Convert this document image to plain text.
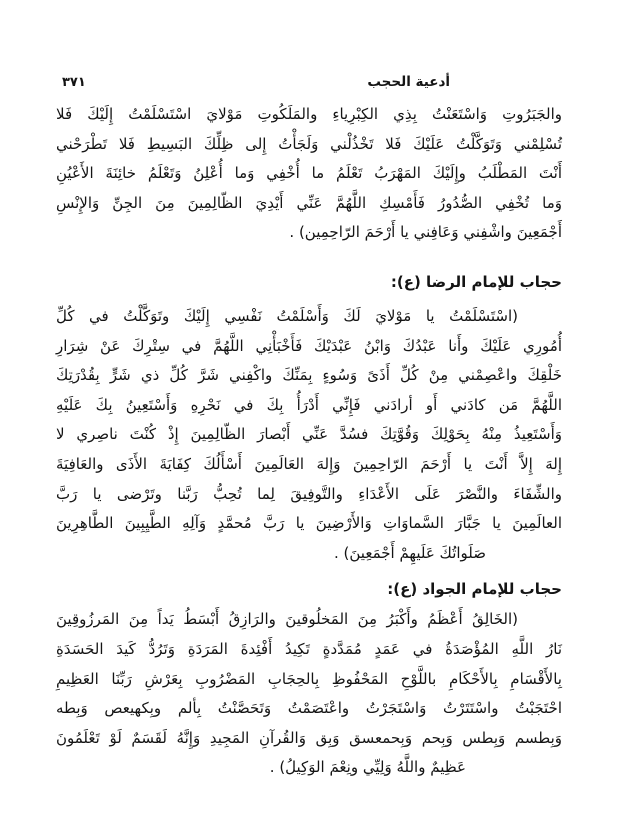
٣٧١	أدعية الحجب
والجَبَرُوتِ وَاسْتَعَنْتُ بِذِي الكِبْرِياءِ والمَلَكُوتِ مَوْلايَ اسْتَسْلَمْتُ إِلَيْكَ فَلا
تُسْلِمْني وَتَوَكَّلْتُ عَلَيْكَ فَلا تَخْذُلْني وَلَجَأْتُ إِلى ظِلِّكَ البَسِيطِ فَلا تَطْرَحْني
أَنْتَ المَطْلَبُ وإِلَيْكَ المَهْرَبُ تَعْلَمُ ما أُخْفِي وَما أُعْلِنُ وَتَعْلَمُ خائِنَةَ الأَعْيُنِ
وَما تُخْفِي الصُّدُورُ فَأَمْسِكِ اللَّهُمَّ عَنِّي أَيْدِيَ الظّالِمِينَ مِنَ الجِنِّ وَالإِنْسِ
أَجْمَعِينَ واشْفِني وَعَافِني يا أَرْحَمَ الرّاحِمِين) .
حجاب للإمام الرضا (ع):
(اسْتَسْلَمْتُ يا مَوْلايَ لَكَ وَأَسْلَمْتُ نَفْسِي إِلَيْكَ وتَوَكَّلْتُ في كُلِّ
أُمُورِي عَلَيْكَ وأَنا عَبْدُكَ وَابْنُ عَبْدَيْكَ فَأَخْبَأْنِي اللَّهُمَّ في سِتْرِكَ عَنْ شِرَارِ
خَلْقِكَ واعْصِمْني مِنْ كُلِّ أَذَىً وَسُوءٍ بِمَنِّكَ واكْفِني شَرَّ كُلِّ ذي شَرٍّ بِقُدْرَتِكَ
اللَّهُمَّ مَن كادَني أَو أرادَني فَإِنِّي أَدْرَأُ بِكَ في نَحْرِهِ وَأَسْتَعِينُ بِكَ عَلَيْهِ
وَأَسْتَعِيذُ مِنْهُ بِحَوْلِكَ وَقُوَّتِكَ فسُدَّ عَنِّي أَبْصارَ الظّالِمِينَ إِذْ كُنْتَ ناصِري لا
إِلهَ إِلاَّ أَنْتَ يا أَرْحَمَ الرّاحِمِينَ وَإِلهَ العَالَمِينَ أَسْأَلُكَ كِفَايَةَ الأَذَى والعَافِيَةَ
والشِّفَاءَ والنَّصْرَ عَلَى الأَعْدَاءِ والتَّوفِيقَ لِما تُحِبُّ رَبَّنا وتَرْضى يا رَبَّ
العالَمِينَ يا جَبَّارَ السَّماوَاتِ وَالأَرْضِينَ يا رَبَّ مُحمَّدٍ وَآلِهِ الطَّيِبِينَ الطَّاهِرِينَ
صَلَواتُكَ عَلَيهِمْ أَجْمَعِينَ) .
حجاب للإمام الجواد (ع):
(الخَالِقُ أَعْظَمُ وأَكْبَرُ مِنَ المَخلُوقينَ والرَازِقُ أَبْسَطُ يَداً مِنَ المَرزُوقِينَ
نَارُ اللَّهِ المُؤْصَدَةُ في عَمَدٍ مُمَدَّدةٍ تَكِيدُ أَفْئِدةَ المَرَدَةِ وَتَرُدُّ كَيدَ الحَسَدَةِ
بِالأَقْسَامِ بِالأَحْكَامِ باللَّوْحِ المَحْفُوظِ بِالحِجَابِ المَضْرُوبِ بِعَرْشِ رَبِّنَا العَظِيمِ
احْتَجَبْتُ واسْتَتَرْتُ وَاسْتَجَرْتُ واعْتَصَمْتُ وَتَحَصَّنْتُ بِألم وبِكهيعص وَبِطه
وَبِطسم وَبِطس وَبِحم وَبِحمعسق وَبِق وَالقُرآنِ المَجِيدِ وَإِنَّهُ لَقَسَمٌ لَوْ تَعْلَمُونَ
عَظِيمٌ واللَّهُ وَلِيِّي ونِعْمَ الوَكِيلُ) .
